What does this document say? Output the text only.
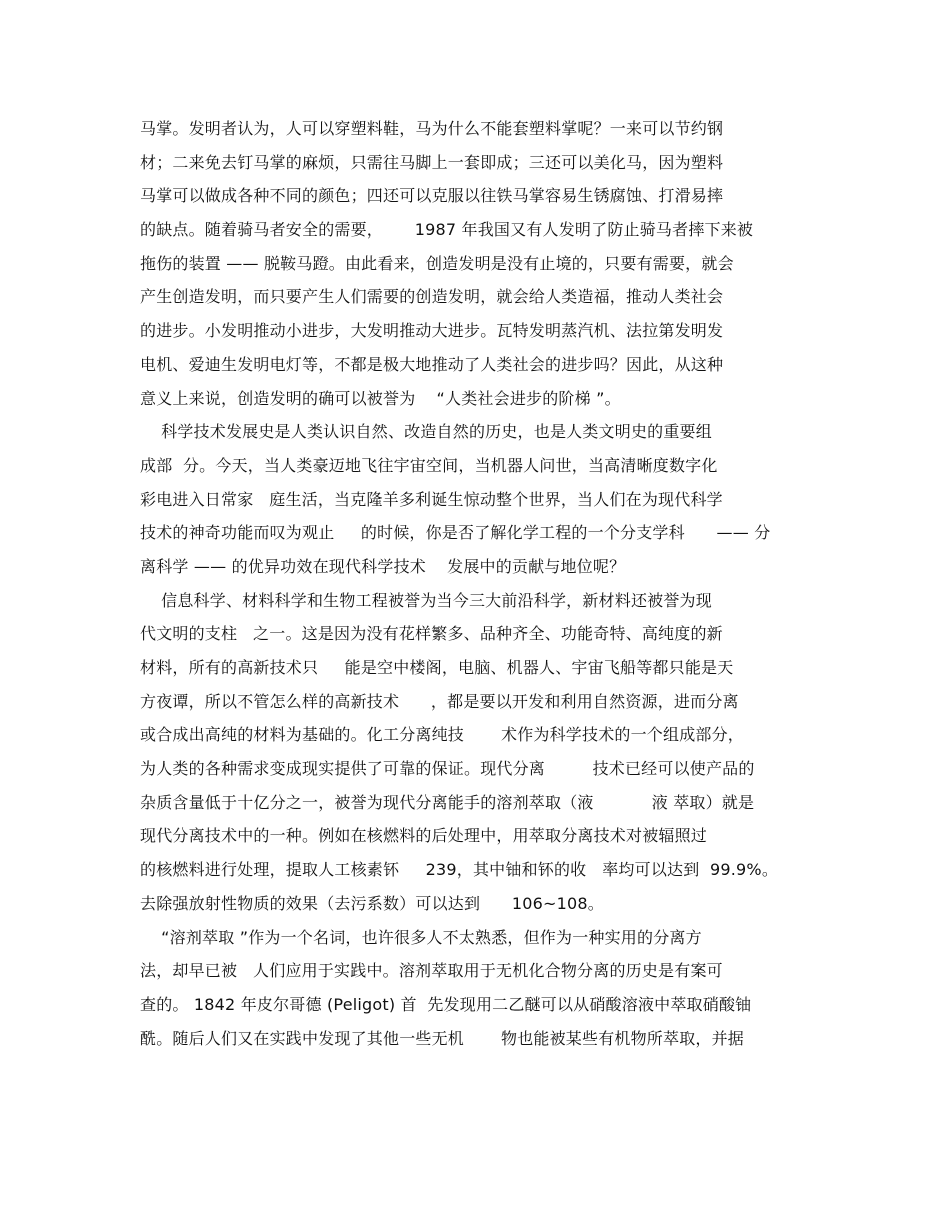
马掌。发明者认为，人可以穿塑料鞋，马为什么不能套塑料掌呢？一来可以节约钢
材；二来免去钉马掌的麻烦，只需往马脚上一套即成；三还可以美化马，因为塑料
马掌可以做成各种不同的颜色；四还可以克服以往铁马掌容易生锈腐蚀、打滑易摔
的缺点。随着骑马者安全的需要，      1987 年我国又有人发明了防止骑马者摔下来被
拖伤的装置 —— 脱鞍马蹬。由此看来，创造发明是没有止境的，只要有需要，就会
产生创造发明，而只要产生人们需要的创造发明，就会给人类造福，推动人类社会
的进步。小发明推动小进步，大发明推动大进步。瓦特发明蒸汽机、法拉第发明发
电机、爱迪生发明电灯等，不都是极大地推动了人类社会的进步吗？因此，从这种
意义上来说，创造发明的确可以被誉为    “人类社会进步的阶梯 ”。
科学技术发展史是人类认识自然、改造自然的历史，也是人类文明史的重要组
成部  分。今天，当人类豪迈地飞往宇宙空间，当机器人问世，当高清晰度数字化
彩电进入日常家   庭生活，当克隆羊多利诞生惊动整个世界，当人们在为现代科学
技术的神奇功能而叹为观止     的时候，你是否了解化学工程的一个分支学科      —— 分
离科学 —— 的优异功效在现代科学技术    发展中的贡献与地位呢？
信息科学、材料科学和生物工程被誉为当今三大前沿科学，新材料还被誉为现
代文明的支柱   之一。这是因为没有花样繁多、品种齐全、功能奇特、高纯度的新
材料，所有的高新技术只     能是空中楼阁，电脑、机器人、宇宙飞船等都只能是天
方夜谭，所以不管怎么样的高新技术      ，都是要以开发和利用自然资源，进而分离
或合成出高纯的材料为基础的。化工分离纯技       术作为科学技术的一个组成部分，
为人类的各种需求变成现实提供了可靠的保证。现代分离         技术已经可以使产品的
杂质含量低于十亿分之一，被誉为现代分离能手的溶剂萃取（液           液 萃取）就是
现代分离技术中的一种。例如在核燃料的后处理中，用萃取分离技术对被辐照过
的核燃料进行处理，提取人工核素钚     239，其中铀和钚的收   率均可以达到  99.9%。
去除强放射性物质的效果（去污系数）可以达到      106~108。
“溶剂萃取 ”作为一个名词，也许很多人不太熟悉，但作为一种实用的分离方
法，却早已被   人们应用于实践中。溶剂萃取用于无机化合物分离的历史是有案可
查的。 1842 年皮尔哥德 (Peligot) 首  先发现用二乙醚可以从硝酸溶液中萃取硝酸铀
酰。随后人们又在实践中发现了其他一些无机       物也能被某些有机物所萃取，并据
